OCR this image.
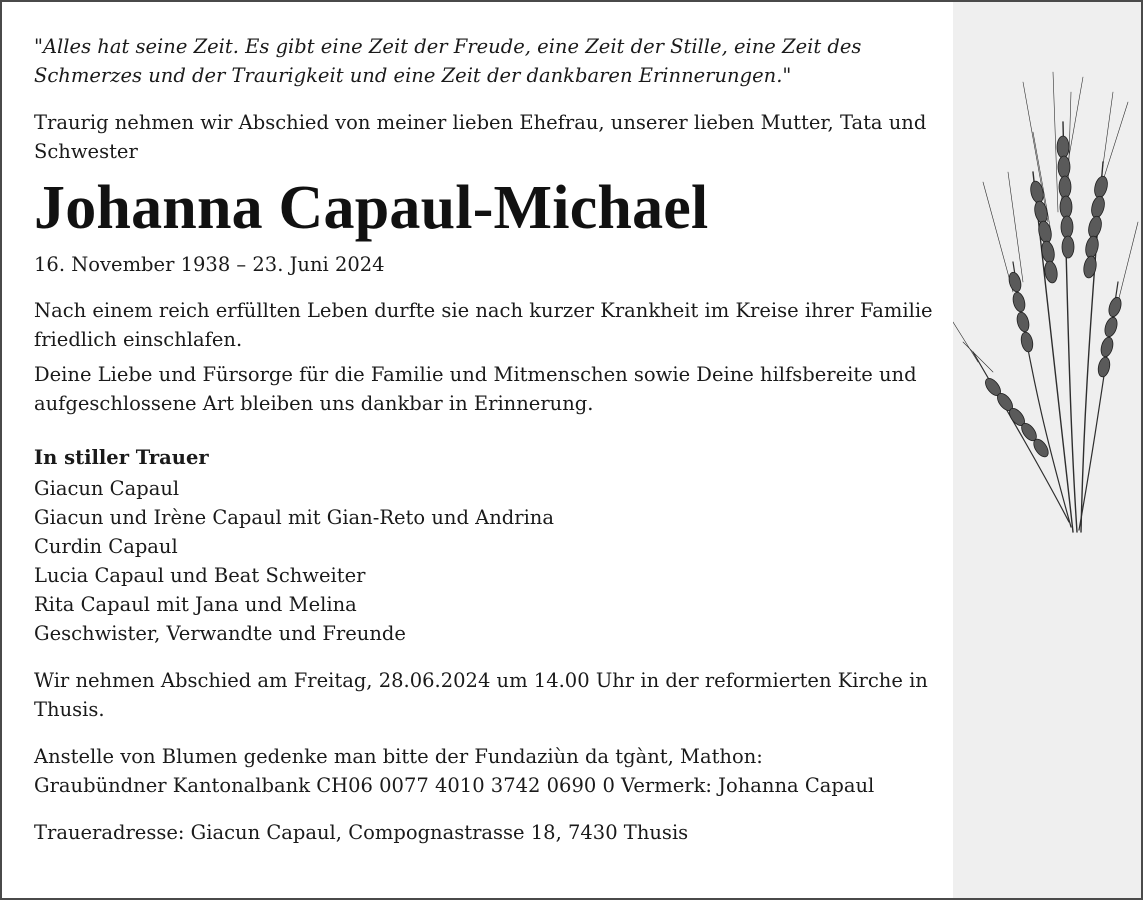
"Alles hat seine Zeit. Es gibt eine Zeit der Freude, eine Zeit der Stille, eine Zeit des Schmerzes und der Traurigkeit und eine Zeit der dankbaren Erinnerungen."

Traurig nehmen wir Abschied von meiner lieben Ehefrau, unserer lieben Mutter, Tata und Schwester

Johanna Capaul-Michael

16. November 1938 – 23. Juni 2024

Nach einem reich erfüllten Leben durfte sie nach kurzer Krankheit im Kreise ihrer Familie friedlich einschlafen.

Deine Liebe und Fürsorge für die Familie und Mitmenschen sowie Deine hilfsbereite und aufgeschlossene Art bleiben uns dankbar in Erinnerung.

In stiller Trauer

Giacun Capaul
Giacun und Irène Capaul mit Gian-Reto und Andrina
Curdin Capaul
Lucia Capaul und Beat Schweiter
Rita Capaul mit Jana und Melina
Geschwister, Verwandte und Freunde

Wir nehmen Abschied am Freitag, 28.06.2024 um 14.00 Uhr in der reformierten Kirche in Thusis.

Anstelle von Blumen gedenke man bitte der Fundaziùn da tgànt, Mathon:
Graubündner Kantonalbank CH06 0077 4010 3742 0690 0 Vermerk: Johanna Capaul

Traueradresse: Giacun Capaul, Compognastrasse 18, 7430 Thusis
